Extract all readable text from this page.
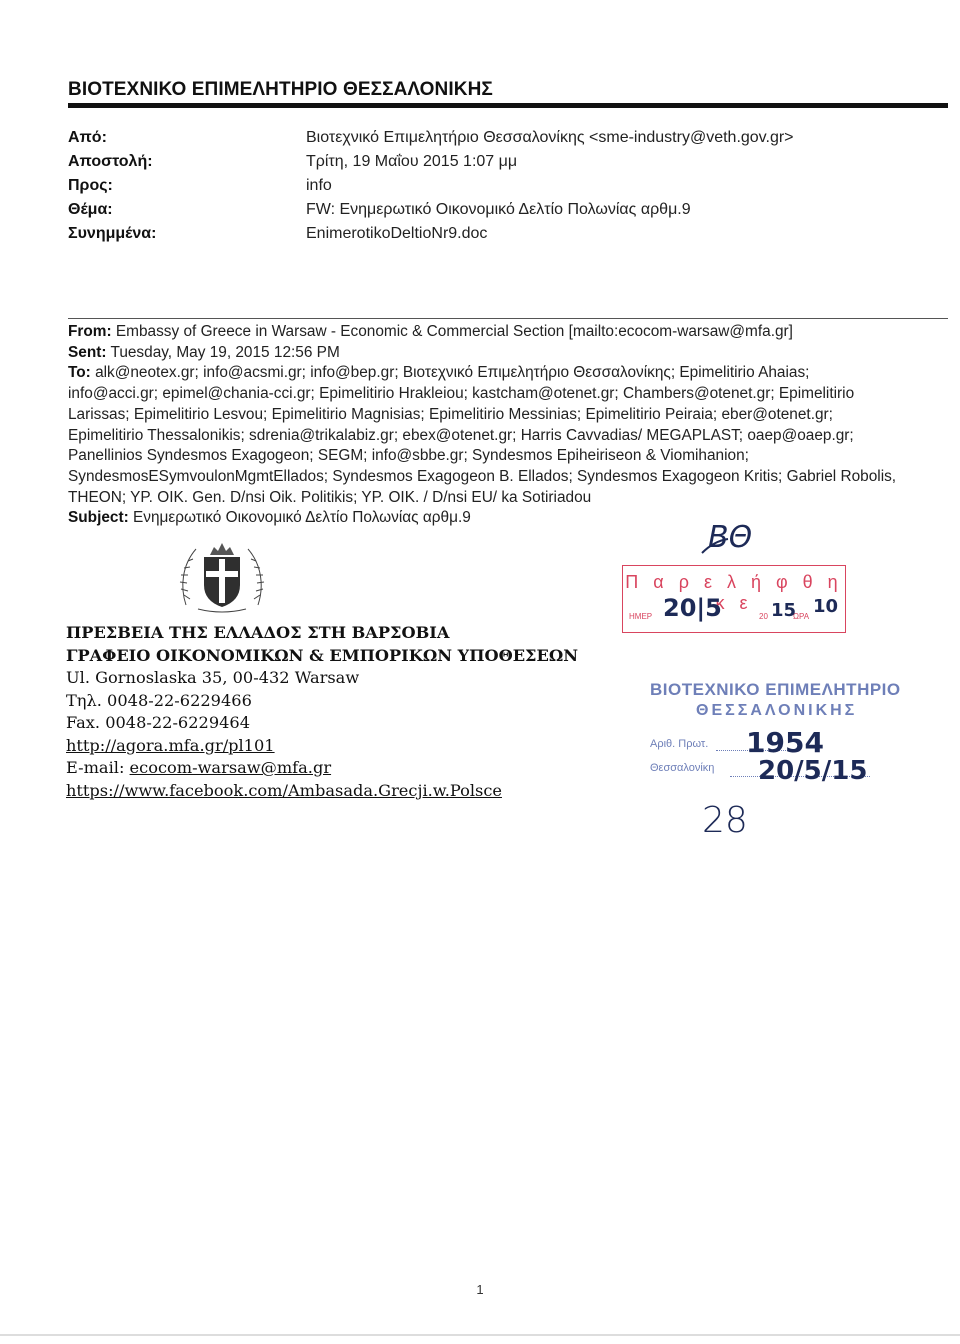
ΒΙΟΤΕΧΝΙΚΟ ΕΠΙΜΕΛΗΤΗΡΙΟ ΘΕΣΣΑΛΟΝΙΚΗΣ
Από:	Βιοτεχνικό Επιμελητήριο Θεσσαλονίκης <sme-industry@veth.gov.gr>
Αποστολή:	Τρίτη, 19 Μαΐου 2015 1:07 μμ
Προς:	info
Θέμα:	FW: Ενημερωτικό Οικονομικό Δελτίο Πολωνίας αρθμ.9
Συνημμένα:	EnimerotikoDeltioNr9.doc

From: Embassy of Greece in Warsaw - Economic & Commercial Section [mailto:ecocom-warsaw@mfa.gr]

Sent: Tuesday, May 19, 2015 12:56 PM

To: alk@neotex.gr; info@acsmi.gr; info@bep.gr; Βιοτεχνικό Επιμελητήριο Θεσσαλονίκης; Epimelitirio Ahaias;

info@acci.gr; epimel@chania-cci.gr; Epimelitirio Hrakleiou; kastcham@otenet.gr; Chambers@otenet.gr; Epimelitirio

Larissas; Epimelitirio Lesvou; Epimelitirio Magnisias; Epimelitirio Messinias; Epimelitirio Peiraia; eber@otenet.gr;

Epimelitirio Thessalonikis; sdrenia@trikalabiz.gr; ebex@otenet.gr; Harris Cavvadias/ MEGAPLAST; oaep@oaep.gr;

Panellinios Syndesmos Exagogeon; SEGM; info@sbbe.gr; Syndesmos Epiheiriseon & Viomihanion;

SyndesmosESymvoulonMgmtEllados; Syndesmos Exagogeon B. Ellados; Syndesmos Exagogeon Kritis; Gabriel Robolis,

THEON; YP. OIK. Gen. D/nsi Oik. Politikis; YP. OIK. / D/nsi EU/ ka Sotiriadou

Subject: Ενημερωτικό Οικονομικό Δελτίο Πολωνίας αρθμ.9

ΠΡΕΣΒΕΙΑ ΤΗΣ ΕΛΛΑΔΟΣ ΣΤΗ ΒΑΡΣΟΒΙΑ
ΓΡΑΦΕΙΟ ΟΙΚΟΝΟΜΙΚΩΝ & ΕΜΠΟΡΙΚΩΝ ΥΠΟΘΕΣΕΩΝ
Ul. Gornoslaska 35, 00-432 Warsaw
Τηλ. 0048-22-6229466
Fax. 0048-22-6229464
http://agora.mfa.gr/pl101
E-mail: ecocom-warsaw@mfa.gr
https://www.facebook.com/Ambasada.Grecji.w.Polsce
ΒΘ
Π α ρ ε λ ή φ θ η κ ε
ΗΜΕΡ	20	ΩΡΑ
20|5	15 10
ΒΙΟΤΕΧΝΙΚΟ ΕΠΙΜΕΛΗΤΗΡΙΟ
ΘΕΣΣΑΛΟΝΙΚΗΣ
Αριθ. Πρωτ.
Θεσσαλονίκη
1954
20/5/15
28
1
